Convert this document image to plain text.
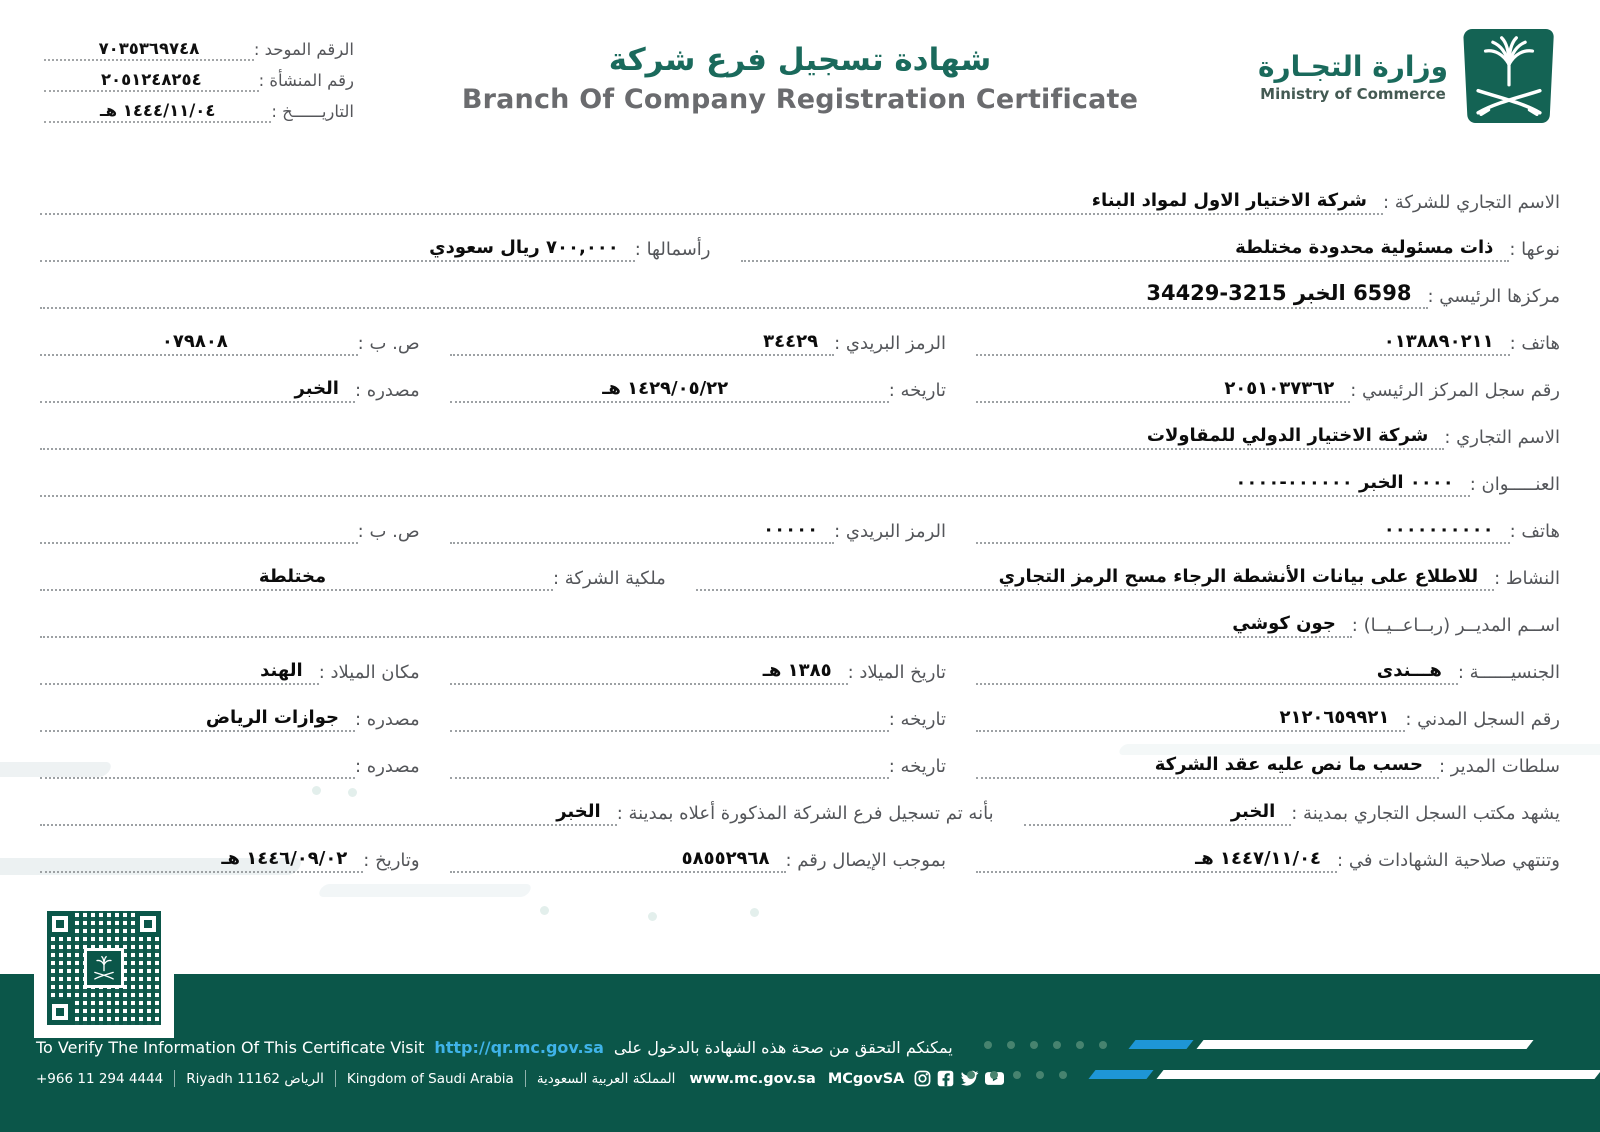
الرقم الموحد :
٧٠٣٥٣٦٩٧٤٨
رقم المنشأة :
٢٠٥١٢٤٨٢٥٤
التاريــــــخ :
١٤٤٤/١١/٠٤ هـ
شهادة تسجيل فرع شركة
Branch Of Company Registration Certificate
وزارة التجـارة
Ministry of Commerce
الاسم التجاري للشركة :
شركة الاختيار الاول لمواد البناء
نوعها :
ذات مسئولية محدودة مختلطة
رأسمالها :
٧٠٠,٠٠٠ ريال سعودي
مركزها الرئيسي :
6598 الخبر 3215-34429
هاتف :
٠١٣٨٨٩٠٢١١
الرمز البريدي :
٣٤٤٢٩
ص. ب :
٠٧٩٨٠٨
رقم سجل المركز الرئيسي :
٢٠٥١٠٣٧٣٦٢
تاريخه :
١٤٢٩/٠٥/٢٢ هـ
مصدره :
الخبر
الاسم التجاري :
شركة الاختيار الدولي للمقاولات
العنـــــوان :
٠٠٠٠ الخبر ٠٠٠٠٠٠-٠٠٠٠
هاتف :
٠٠٠٠٠٠٠٠٠٠
الرمز البريدي :
٠٠٠٠٠
ص. ب :
النشاط :
للاطلاع على بيانات الأنشطة الرجاء مسح الرمز التجاري
ملكية الشركة :
مختلطة
اســم المديــر (ربــاعــيــا) :
جون كوشي
الجنسيــــــة :
هـــندى
تاريخ الميلاد :
١٣٨٥ هـ
مكان الميلاد :
الهند
رقم السجل المدني :
٢١٢٠٦٥٩٩٢١
تاريخه :
مصدره :
جوازات الرياض
سلطات المدير :
حسب ما نص عليه عقد الشركة
تاريخه :
مصدره :
يشهد مكتب السجل التجاري بمدينة :
الخبر
بأنه تم تسجيل فرع الشركة المذكورة أعلاه بمدينة :
الخبر
وتنتهي صلاحية الشهادات في :
١٤٤٧/١١/٠٤ هـ
بموجب الإيصال رقم :
٥٨٥٥٢٩٦٨
وتاريخ :
١٤٤٦/٠٩/٠٢ هـ
To Verify The Information Of This Certificate Visit http://qr.mc.gov.sa يمكنكم التحقق من صحة هذه الشهادة بالدخول على
+966 11 294 4444 Riyadh 11162
الرياض Kingdom of Saudi Arabia المملكة العربية السعودية www.mc.gov.sa MCgovSA
